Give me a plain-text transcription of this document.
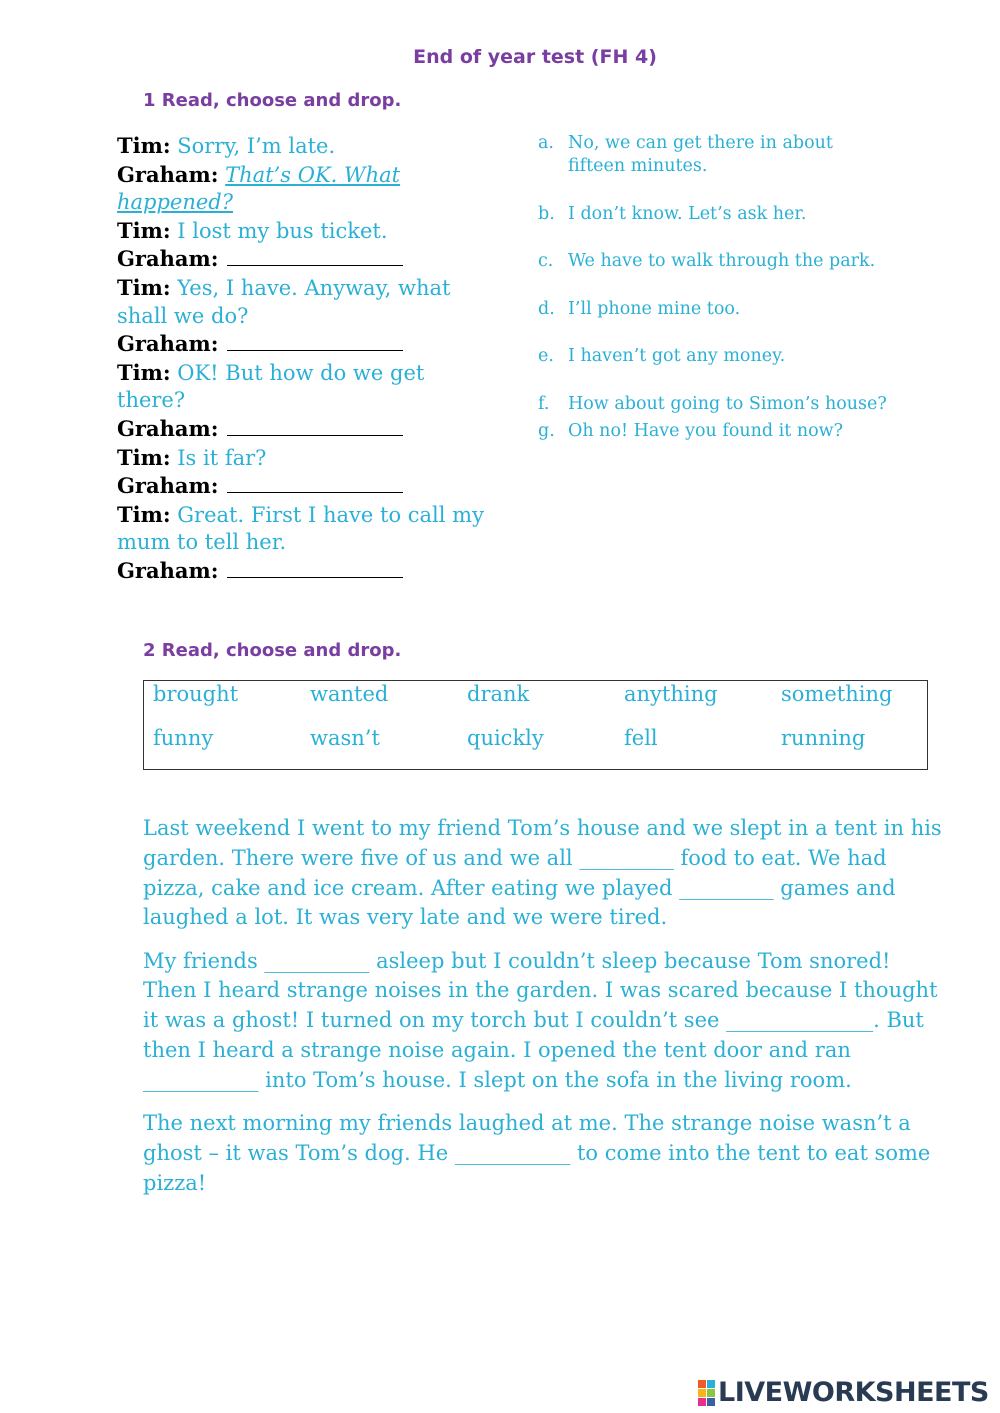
End of year test (FH 4)
1 Read, choose and drop.
Tim: Sorry, I’m late.
Graham: That’s OK. What happened?
Tim: I lost my bus ticket.
Graham:
Tim: Yes, I have. Anyway, what shall we do?
Graham:
Tim: OK! But how do we get there?
Graham:
Tim: Is it far?
Graham:
Tim: Great. First I have to call my mum to tell her.
Graham:
a. No, we can get there in about fifteen minutes.
b. I don’t know. Let’s ask her.
c. We have to walk through the park.
d. I’ll phone mine too.
e. I haven’t got any money.
f.	How about going to Simon’s house?
g. Oh no! Have you found it now?
2 Read, choose and drop.
brought	wanted	drank	anything	something
funny	wasn’t	quickly	fell	running

Last weekend I went to my friend Tom’s house and we slept in a tent in his garden. There were five of us and we all _________ food to eat. We had pizza, cake and ice cream. After eating we played _________ games and laughed a lot. It was very late and we were tired.

My friends __________ asleep but I couldn’t sleep because Tom snored! Then I heard strange noises in the garden. I was scared because I thought it was a ghost! I turned on my torch but I couldn’t see ______________. But then I heard a strange noise again. I opened the tent door and ran ___________ into Tom’s house. I slept on the sofa in the living room.

The next morning my friends laughed at me. The strange noise wasn’t a ghost – it was Tom’s dog. He ___________ to come into the tent to eat some pizza!

LIVEWORKSHEETS
